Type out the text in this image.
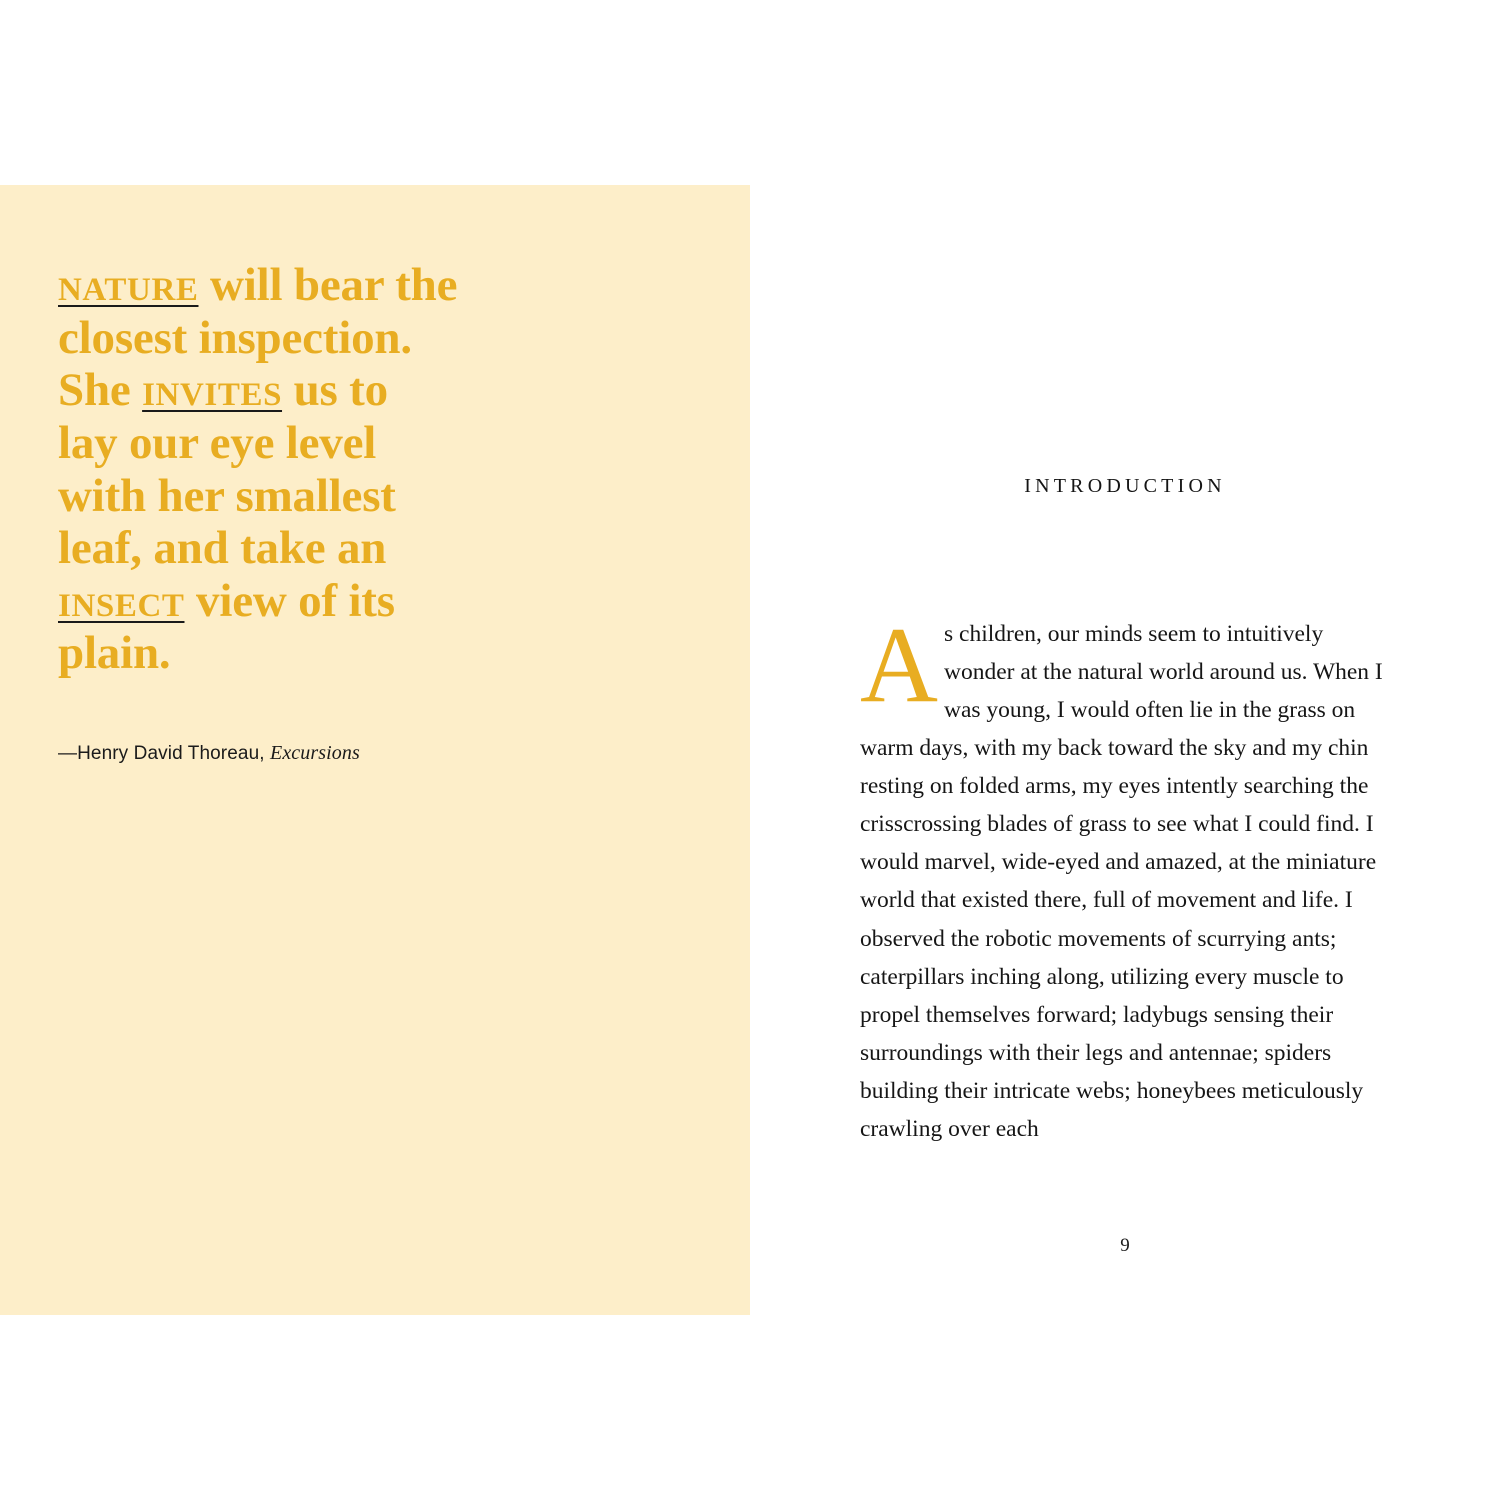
NATURE will bear the closest inspection. She INVITES us to lay our eye level with her smallest leaf, and take an INSECT view of its plain.

—Henry David Thoreau, Excursions
INTRODUCTION
As children, our minds seem to intuitively wonder at the natural world around us. When I was young, I would often lie in the grass on warm days, with my back toward the sky and my chin resting on folded arms, my eyes intently searching the crisscrossing blades of grass to see what I could find. I would marvel, wide-eyed and amazed, at the miniature world that existed there, full of movement and life. I observed the robotic movements of scurrying ants; caterpillars inching along, utilizing every muscle to propel themselves forward; ladybugs sensing their surroundings with their legs and antennae; spiders building their intricate webs; honeybees meticulously crawling over each
9
